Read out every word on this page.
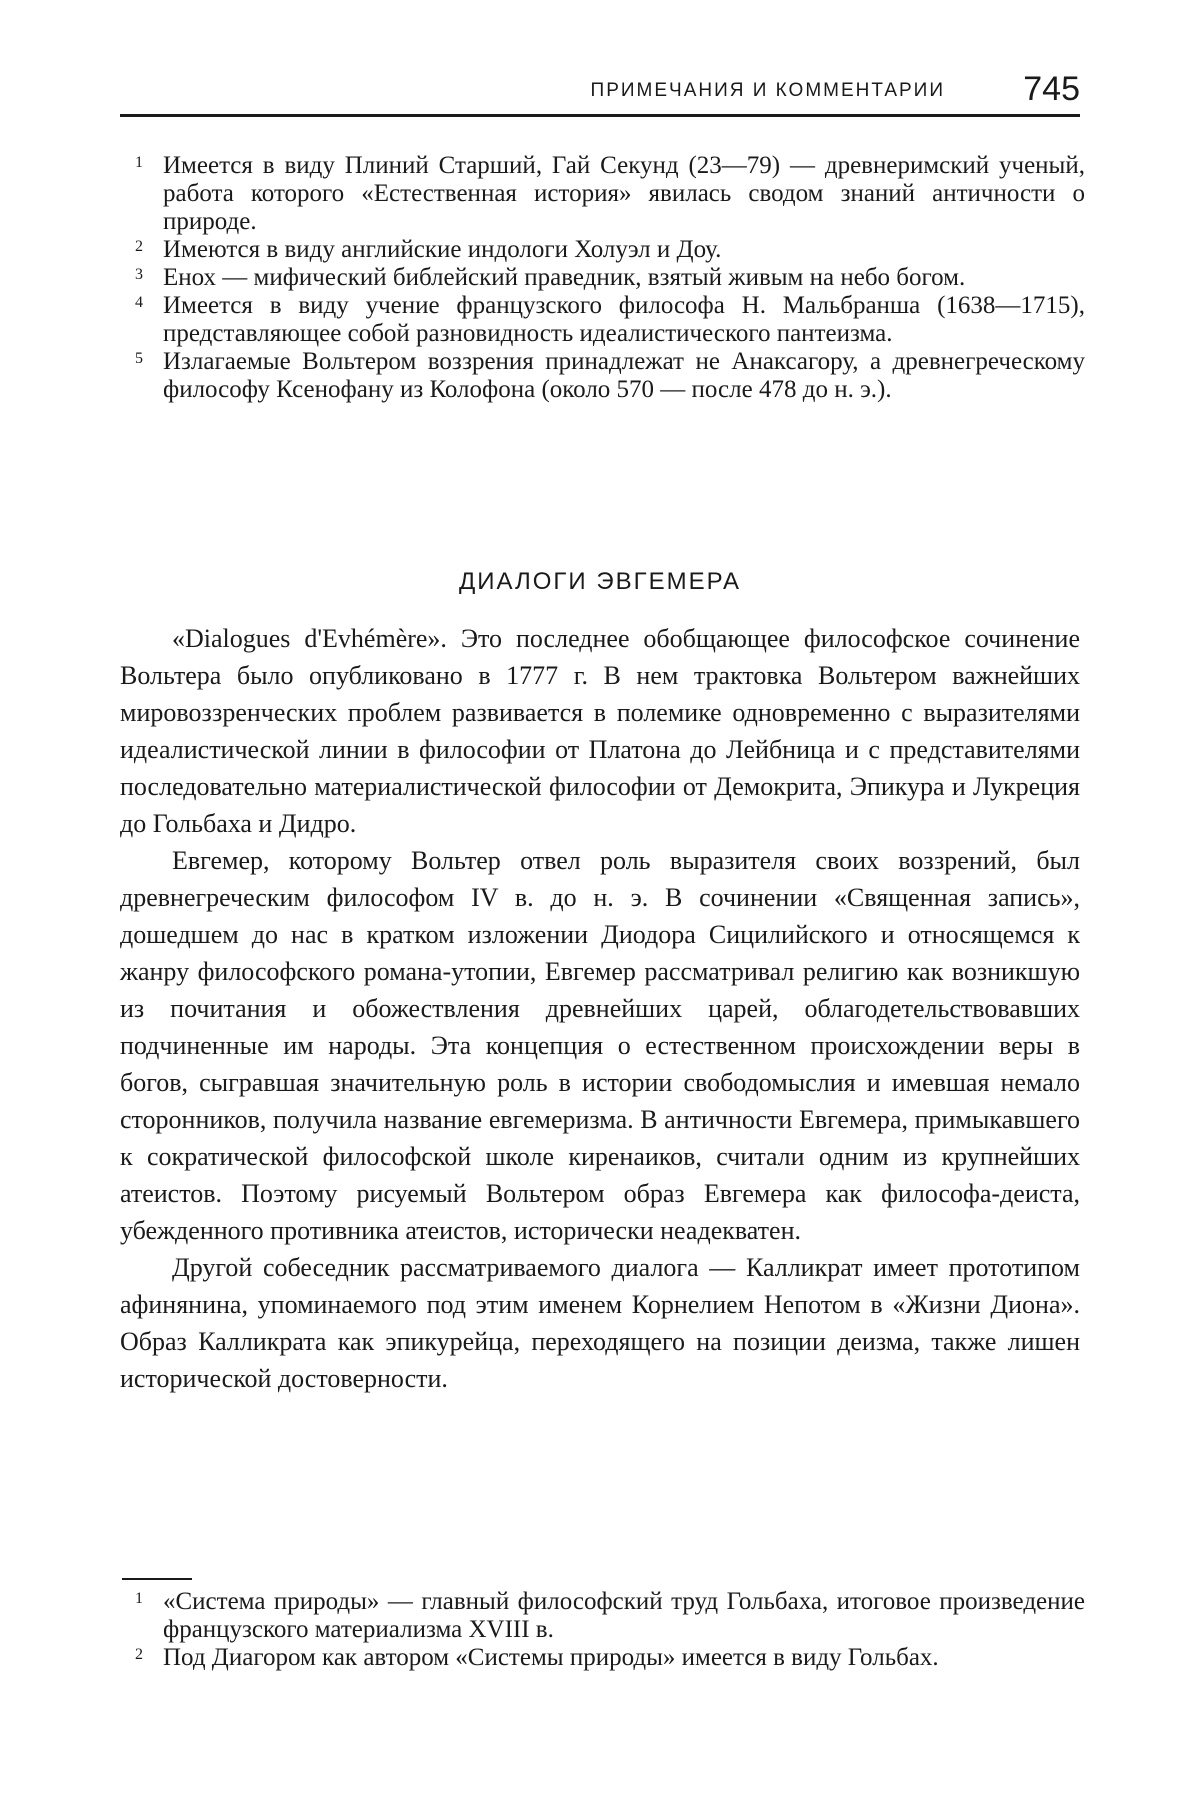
ПРИМЕЧАНИЯ И КОММЕНТАРИИ 745
1 Имеется в виду Плиний Старший, Гай Секунд (23—79) — древнеримский ученый, работа которого «Естественная история» явилась сводом знаний античности о природе.
2 Имеются в виду английские индологи Холуэл и Доу.
3 Енох — мифический библейский праведник, взятый живым на небо богом.
4 Имеется в виду учение французского философа Н. Мальбранша (1638—1715), представляющее собой разновидность идеалистического пантеизма.
5 Излагаемые Вольтером воззрения принадлежат не Анаксагору, а древнегреческому философу Ксенофану из Колофона (около 570 — после 478 до н. э.).
ДИАЛОГИ ЭВГЕМЕРА

«Dialogues d'Evhémère». Это последнее обобщающее философское сочинение Вольтера было опубликовано в 1777 г. В нем трактовка Вольтером важнейших мировоззренческих проблем развивается в полемике одновременно с выразителями идеалистической линии в философии от Платона до Лейбница и с представителями последовательно материалистической философии от Демокрита, Эпикура и Лукреция до Гольбаха и Дидро.

Евгемер, которому Вольтер отвел роль выразителя своих воззрений, был древнегреческим философом IV в. до н. э. В сочинении «Священная запись», дошедшем до нас в кратком изложении Диодора Сицилийского и относящемся к жанру философского романа-утопии, Евгемер рассматривал религию как возникшую из почитания и обожествления древнейших царей, облагодетельствовавших подчиненные им народы. Эта концепция о естественном происхождении веры в богов, сыгравшая значительную роль в истории свободомыслия и имевшая немало сторонников, получила название евгемеризма. В античности Евгемера, примыкавшего к сократической философской школе киренаиков, считали одним из крупнейших атеистов. Поэтому рисуемый Вольтером образ Евгемера как философа-деиста, убежденного противника атеистов, исторически неадекватен.

Другой собеседник рассматриваемого диалога — Калликрат имеет прототипом афинянина, упоминаемого под этим именем Корнелием Непотом в «Жизни Диона». Образ Калликрата как эпикурейца, переходящего на позиции деизма, также лишен исторической достоверности.

1 «Система природы» — главный философский труд Гольбаха, итоговое произведение французского материализма XVIII в.
2 Под Диагором как автором «Системы природы» имеется в виду Гольбах.
